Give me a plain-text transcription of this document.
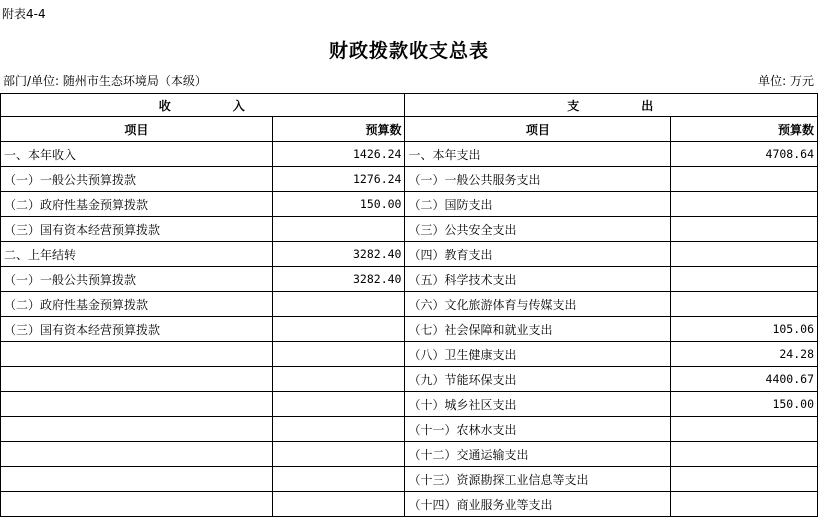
附表4-4
财政拨款收支总表
部门/单位: 随州市生态环境局（本级）	单位: 万元
收 入		支 出	
项目	预算数	项目	预算数
一、本年收入	1426.24	一、本年支出	4708.64
（一）一般公共预算拨款	1276.24	（一）一般公共服务支出	
（二）政府性基金预算拨款	150.00	（二）国防支出	
（三）国有资本经营预算拨款		（三）公共安全支出	
二、上年结转	3282.40	（四）教育支出	
（一）一般公共预算拨款	3282.40	（五）科学技术支出	
（二）政府性基金预算拨款		（六）文化旅游体育与传媒支出	
（三）国有资本经营预算拨款		（七）社会保障和就业支出	105.06
		（八）卫生健康支出	24.28
		（九）节能环保支出	4400.67
		（十）城乡社区支出	150.00
		（十一）农林水支出	
		（十二）交通运输支出	
		（十三）资源勘探工业信息等支出	
		（十四）商业服务业等支出	
